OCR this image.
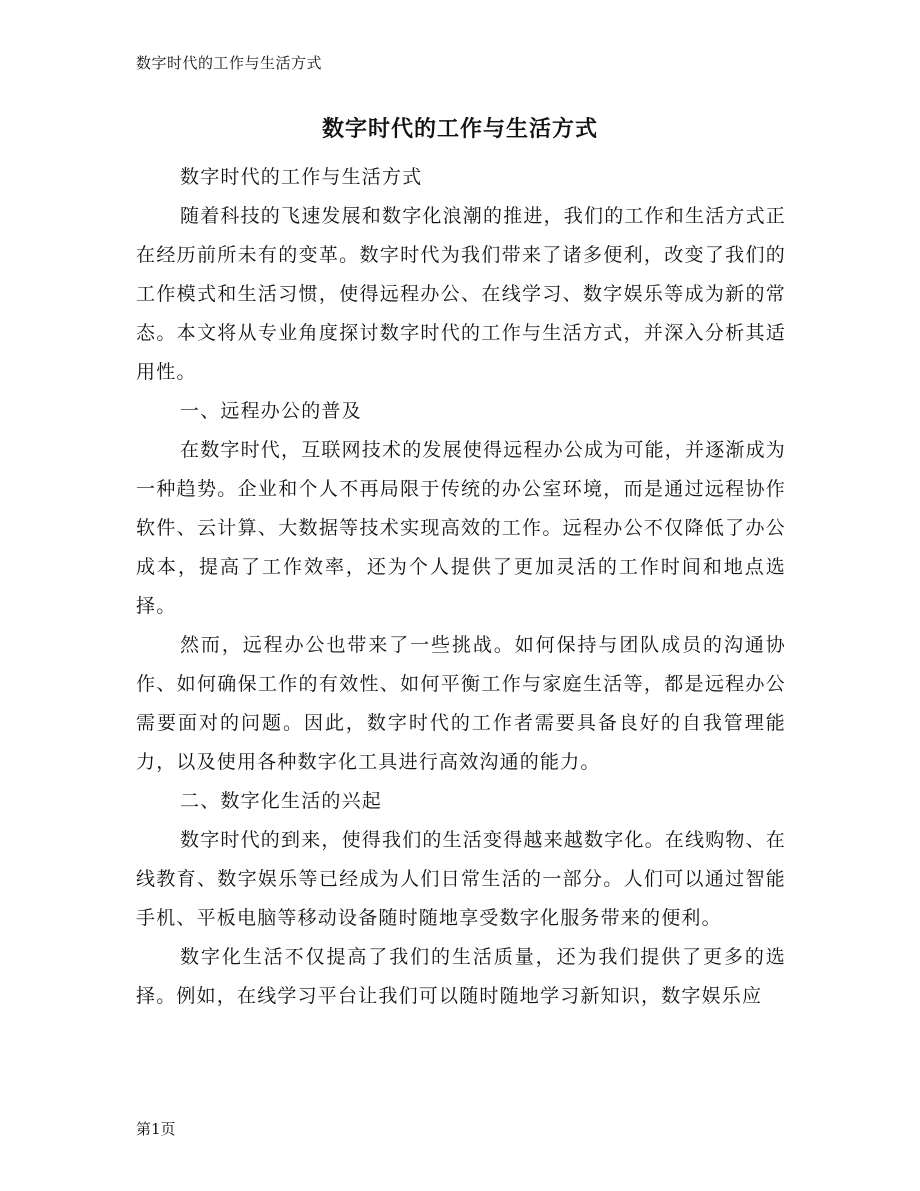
数字时代的工作与生活方式
数字时代的工作与生活方式

数字时代的工作与生活方式

随着科技的飞速发展和数字化浪潮的推进，我们的工作和生活方式正在经历前所未有的变革。数字时代为我们带来了诸多便利，改变了我们的工作模式和生活习惯，使得远程办公、在线学习、数字娱乐等成为新的常态。本文将从专业角度探讨数字时代的工作与生活方式，并深入分析其适用性。

一、远程办公的普及

在数字时代，互联网技术的发展使得远程办公成为可能，并逐渐成为一种趋势。企业和个人不再局限于传统的办公室环境，而是通过远程协作软件、云计算、大数据等技术实现高效的工作。远程办公不仅降低了办公成本，提高了工作效率，还为个人提供了更加灵活的工作时间和地点选择。

然而，远程办公也带来了一些挑战。如何保持与团队成员的沟通协作、如何确保工作的有效性、如何平衡工作与家庭生活等，都是远程办公需要面对的问题。因此，数字时代的工作者需要具备良好的自我管理能力，以及使用各种数字化工具进行高效沟通的能力。

二、数字化生活的兴起

数字时代的到来，使得我们的生活变得越来越数字化。在线购物、在线教育、数字娱乐等已经成为人们日常生活的一部分。人们可以通过智能手机、平板电脑等移动设备随时随地享受数字化服务带来的便利。

数字化生活不仅提高了我们的生活质量，还为我们提供了更多的选择。例如，在线学习平台让我们可以随时随地学习新知识，数字娱乐应

第1页
